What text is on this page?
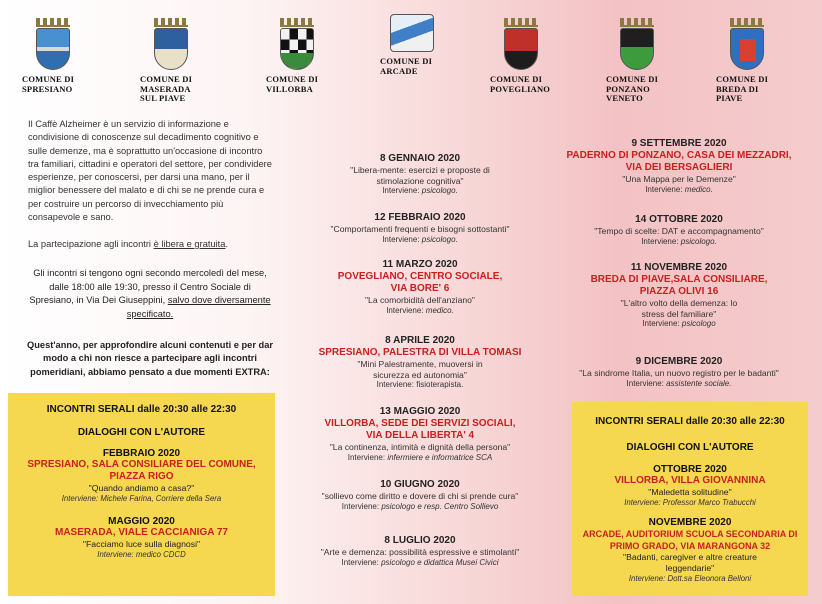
COMUNE DI SPRESIANO
COMUNE DI MASERADA SUL PIAVE
COMUNE DI VILLORBA
COMUNE DI ARCADE
COMUNE DI POVEGLIANO
COMUNE DI PONZANO VENETO
COMUNE DI BREDA DI PIAVE

Il Caffè Alzheimer è un servizio di informazione e condivisione di conoscenze sul decadimento cognitivo e sulle demenze, ma è soprattutto un'occasione di incontro tra familiari, cittadini e operatori del settore, per condividere esperienze, per conoscersi, per darsi una mano, per il miglior benessere del malato e di chi se ne prende cura e per costruire un percorso di invecchiamento più consapevole e sano.

La partecipazione agli incontri è libera e gratuita.
Gli incontri si tengono ogni secondo mercoledì del mese, dalle 18:00 alle 19:30, presso il Centro Sociale di Spresiano, in Via Dei Giuseppini, salvo dove diversamente specificato.
Quest'anno, per approfondire alcuni contenuti e per dar modo a chi non riesce a partecipare agli incontri pomeridiani, abbiamo pensato a due momenti EXTRA:
INCONTRI SERALI dalle 20:30 alle 22:30
DIALOGHI CON L'AUTORE
FEBBRAIO 2020
SPRESIANO, SALA CONSILIARE DEL COMUNE, PIAZZA RIGO
"Quando andiamo a casa?"
Interviene: Michele Farina, Corriere della Sera
MAGGIO 2020
MASERADA, VIALE CACCIANIGA 77
"Facciamo luce sulla diagnosi"
Interviene: medico CDCD
8 GENNAIO 2020
"Libera-mente: esercizi e proposte di stimolazione cognitiva"
Interviene: psicologo.
12 FEBBRAIO 2020
"Comportamenti frequenti e bisogni sottostanti"
Interviene: psicologo.
11 MARZO 2020
POVEGLIANO, CENTRO SOCIALE, VIA BORE' 6
"La comorbidità dell'anziano"
Interviene: medico.
8 APRILE 2020
SPRESIANO, PALESTRA DI VILLA TOMASI
"Mini Palestramente, muoversi in sicurezza ed autonomia"
Interviene: fisioterapista.
13 MAGGIO 2020
VILLORBA, SEDE DEI SERVIZI SOCIALI, VIA DELLA LIBERTA' 4
"La continenza, intimità e dignità della persona"
Interviene: infermiere e informatrice SCA
10 GIUGNO 2020
"sollievo come diritto e dovere di chi si prende cura"
Interviene: psicologo e resp. Centro Sollievo
8 LUGLIO 2020
"Arte e demenza: possibilità espressive e stimolanti"
Interviene: psicologo e didattica Musei Civici
9 SETTEMBRE 2020
PADERNO DI PONZANO, CASA DEI MEZZADRI, VIA DEI BERSAGLIERI
"Una Mappa per le Demenze"
Interviene: medico.
14 OTTOBRE 2020
"Tempo di scelte: DAT e accompagnamento"
Interviene: psicologo.
11 NOVEMBRE 2020
BREDA DI PIAVE,SALA CONSILIARE, PIAZZA OLIVI 16
"L'altro volto della demenza: lo stress del familiare"
Interviene: psicologo
9 DICEMBRE 2020
"La sindrome Italia, un nuovo registro per le badanti"
Interviene: assistente sociale.
INCONTRI SERALI dalle 20:30 alle 22:30
DIALOGHI CON L'AUTORE
OTTOBRE 2020
VILLORBA, VILLA GIOVANNINA
"Maledetta solitudine"
Interviene: Professor Marco Trabucchi
NOVEMBRE 2020
ARCADE, AUDITORIUM SCUOLA SECONDARIA DI PRIMO GRADO, VIA MARANGONA 32
"Badanti, caregiver e altre creature leggendarie"
Interviene: Dott.sa Eleonora Belloni
